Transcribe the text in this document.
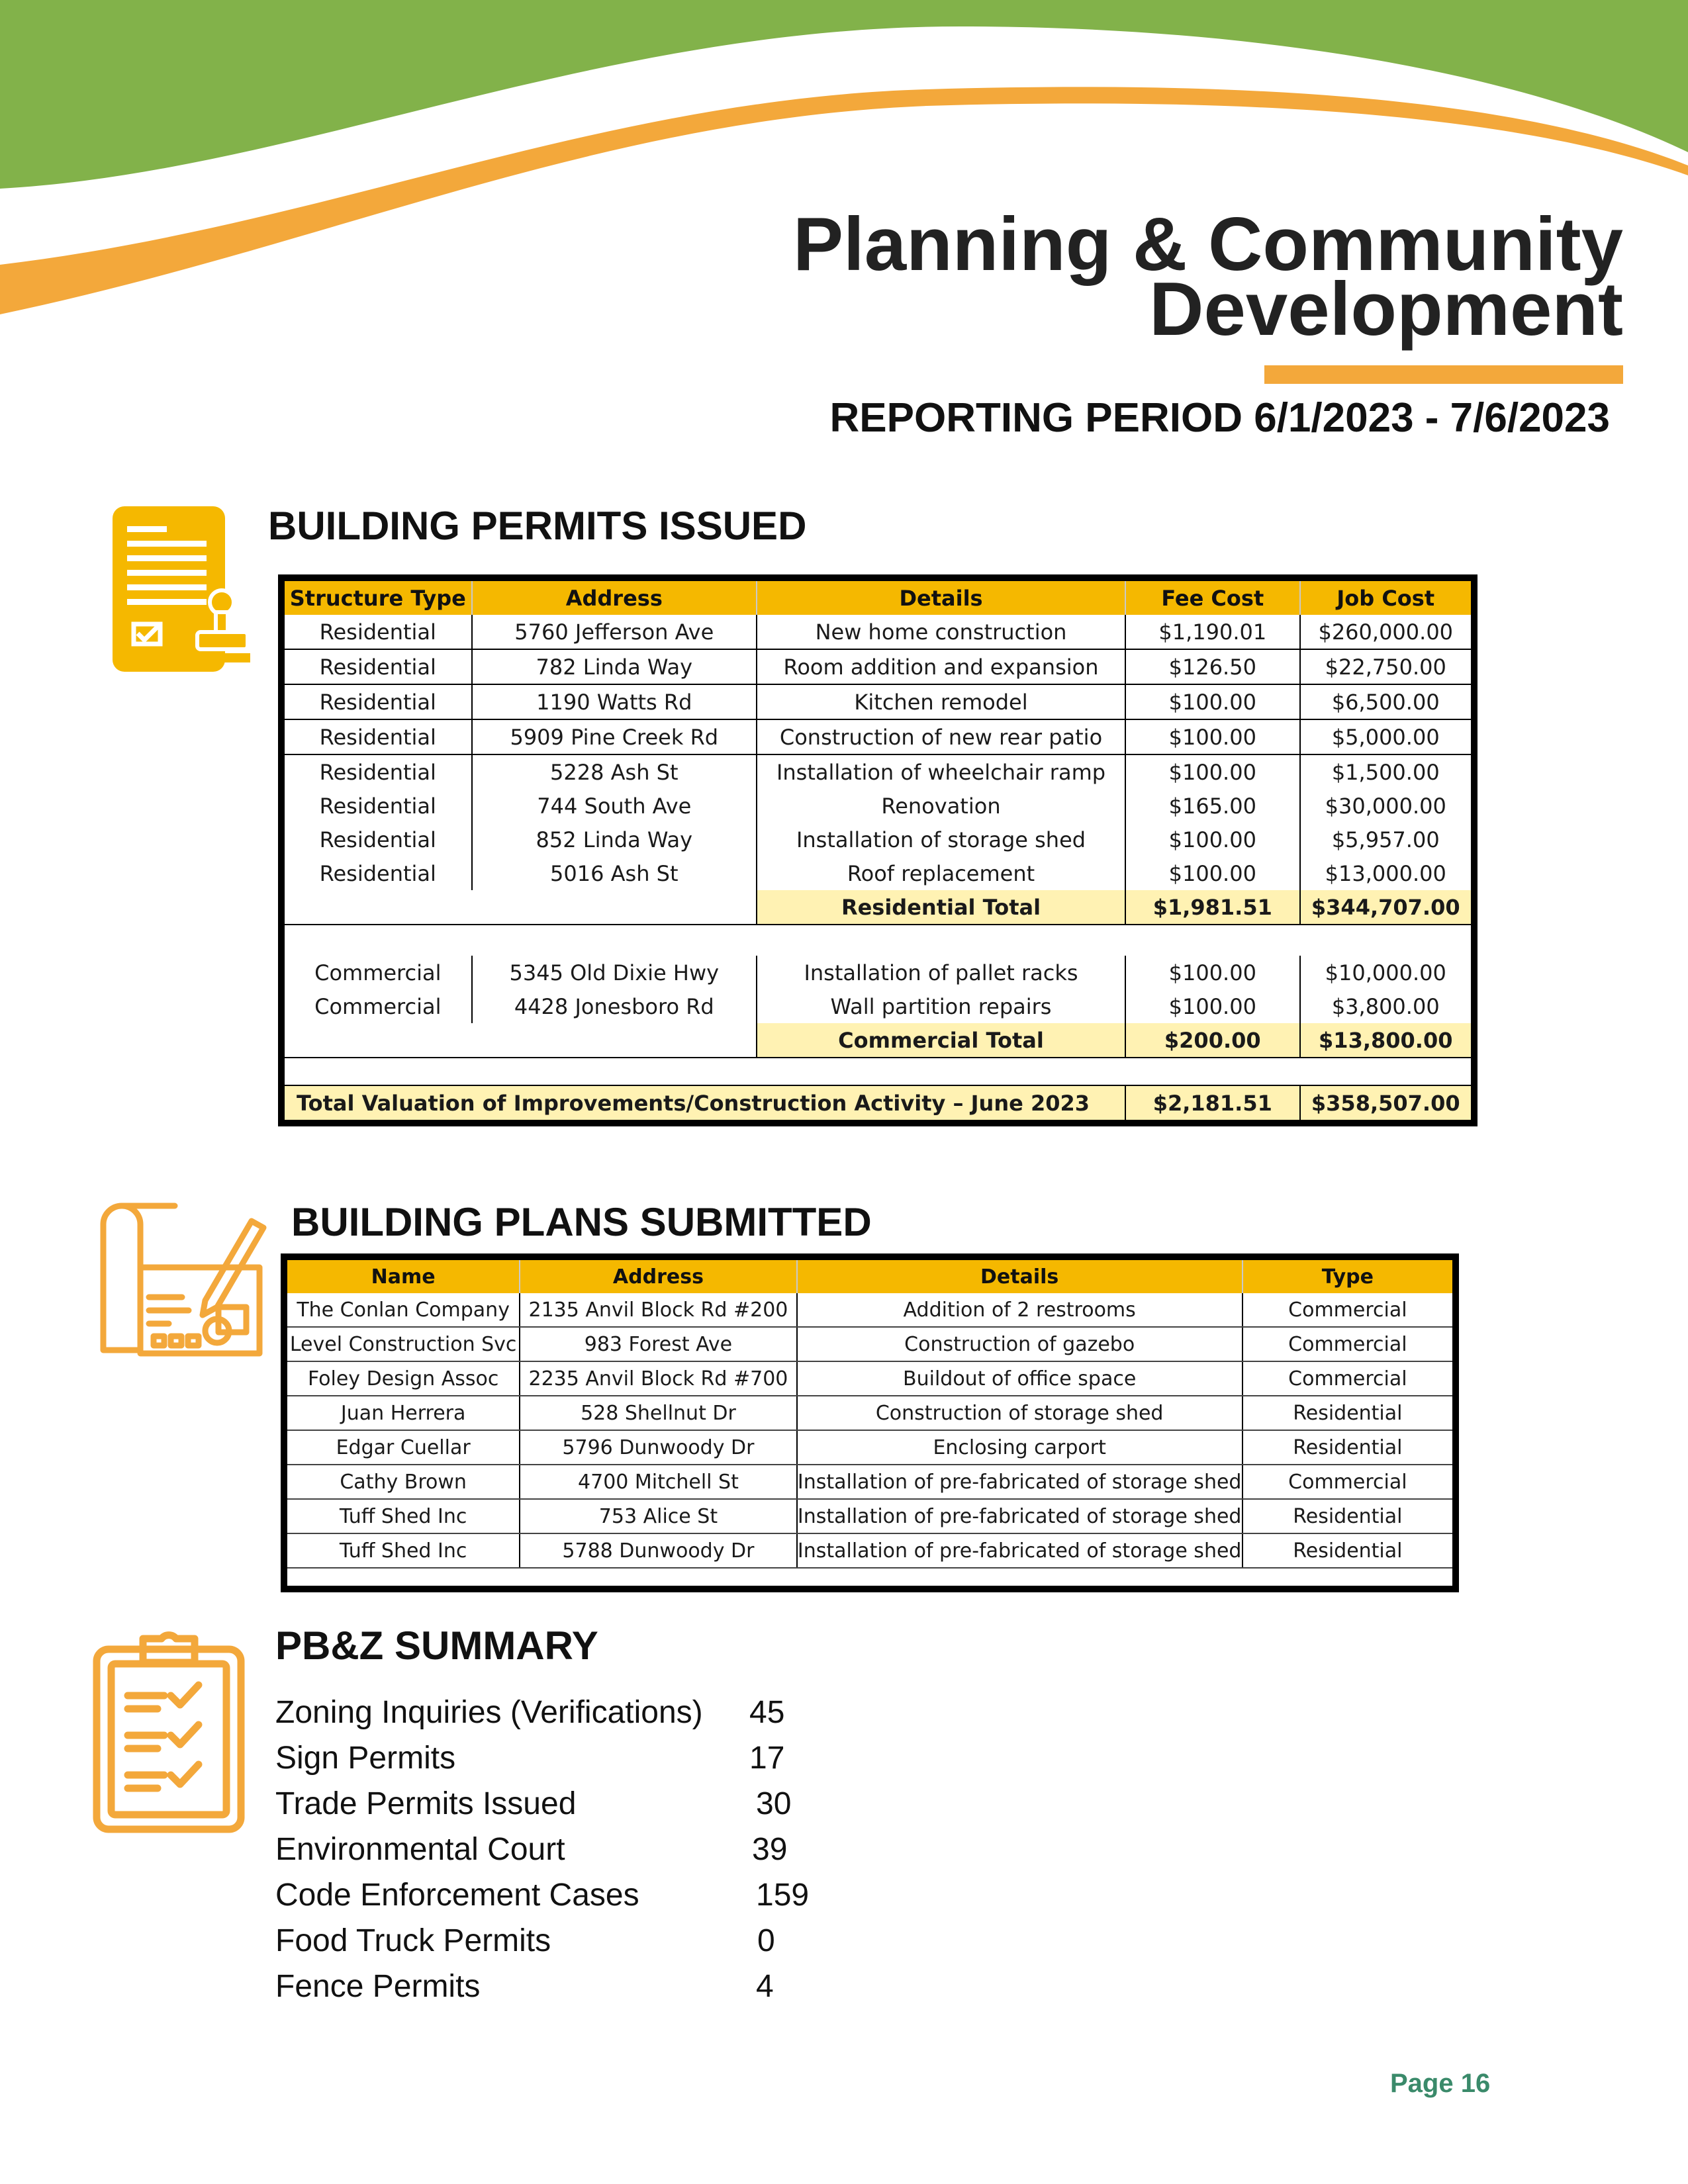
Planning & Community
Development
REPORTING PERIOD 6/1/2023 - 7/6/2023
BUILDING PERMITS ISSUED
Structure Type	Address	Details	Fee Cost	Job Cost
Residential	5760 Jefferson Ave	New home construction	$1,190.01	$260,000.00
Residential	782 Linda Way	Room addition and expansion	$126.50	$22,750.00
Residential	1190 Watts Rd	Kitchen remodel	$100.00	$6,500.00
Residential	5909 Pine Creek Rd	Construction of new rear patio	$100.00	$5,000.00
Residential	5228 Ash St	Installation of wheelchair ramp	$100.00	$1,500.00
Residential	744 South Ave	Renovation	$165.00	$30,000.00
Residential	852 Linda Way	Installation of storage shed	$100.00	$5,957.00
Residential	5016 Ash St	Roof replacement	$100.00	$13,000.00
		Residential Total	$1,981.51	$344,707.00

Commercial	5345 Old Dixie Hwy	Installation of pallet racks	$100.00	$10,000.00
Commercial	4428 Jonesboro Rd	Wall partition repairs	$100.00	$3,800.00
		Commercial Total	$200.00	$13,800.00

Total Valuation of Improvements/Construction Activity – June 2023			$2,181.51	$358,507.00
BUILDING PLANS SUBMITTED
Name	Address	Details	Type
The Conlan Company	2135 Anvil Block Rd #200	Addition of 2 restrooms	Commercial
Level Construction Svc	983 Forest Ave	Construction of gazebo	Commercial
Foley Design Assoc	2235 Anvil Block Rd #700	Buildout of office space	Commercial
Juan Herrera	528 Shellnut Dr	Construction of storage shed	Residential
Edgar Cuellar	5796 Dunwoody Dr	Enclosing carport	Residential
Cathy Brown	4700 Mitchell St	Installation of pre-fabricated of storage shed	Commercial
Tuff Shed Inc	753 Alice St	Installation of pre-fabricated of storage shed	Residential
Tuff Shed Inc	5788 Dunwoody Dr	Installation of pre-fabricated of storage shed	Residential

PB&Z SUMMARY
Zoning Inquiries (Verifications) 45
Sign Permits	17
Trade Permits Issued	30
Environmental Court	39
Code Enforcement Cases	159
Food Truck Permits	0
Fence Permits	4
Page 16
